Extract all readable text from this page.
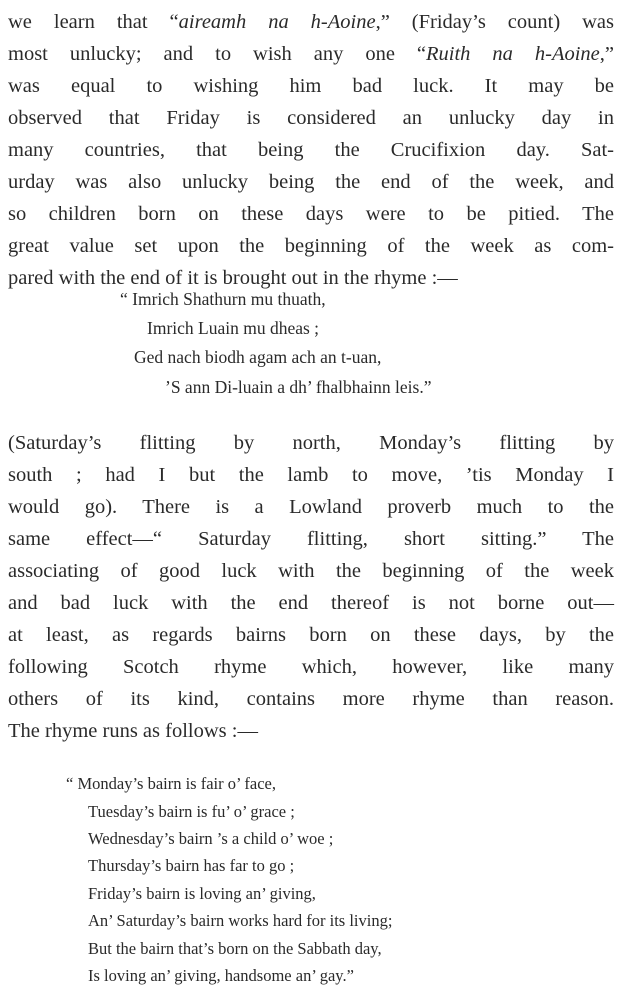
we learn that “aireamh na h-Aoine,” (Friday’s count) was
most unlucky; and to wish any one “Ruith na h-Aoine,”
was equal to wishing him bad luck. It may be
observed that Friday is considered an unlucky day in
many countries, that being the Crucifixion day. Sat-
urday was also unlucky being the end of the week, and
so children born on these days were to be pitied. The
great value set upon the beginning of the week as com-
pared with the end of it is brought out in the rhyme :—
“ Imrich Shathurn mu thuath,
Imrich Luain mu dheas ;
Ged nach biodh agam ach an t-uan,
’S ann Di-luain a dh’ fhalbhainn leis.”
(Saturday’s flitting by north, Monday’s flitting by
south ; had I but the lamb to move, ’tis Monday I
would go). There is a Lowland proverb much to the
same effect—“ Saturday flitting, short sitting.” The
associating of good luck with the beginning of the week
and bad luck with the end thereof is not borne out—
at least, as regards bairns born on these days, by the
following Scotch rhyme which, however, like many
others of its kind, contains more rhyme than reason.
The rhyme runs as follows :—
“ Monday’s bairn is fair o’ face,
Tuesday’s bairn is fu’ o’ grace ;
Wednesday’s bairn ’s a child o’ woe ;
Thursday’s bairn has far to go ;
Friday’s bairn is loving an’ giving,
An’ Saturday’s bairn works hard for its living;
But the bairn that’s born on the Sabbath day,
Is loving an’ giving, handsome an’ gay.”
